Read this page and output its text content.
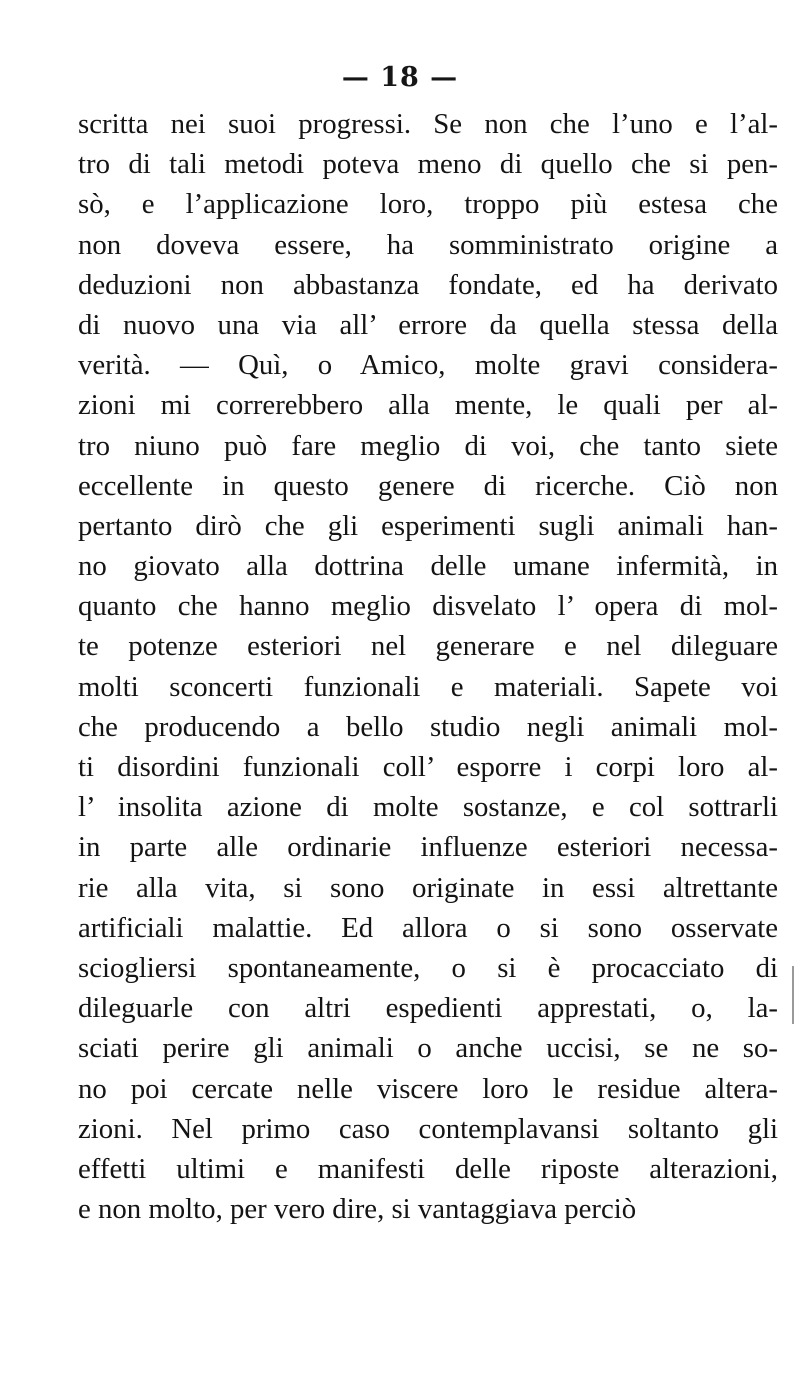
— 18 —
scritta nei suoi progressi. Se non che l’uno e l’al-
tro di tali metodi poteva meno di quello che si pen-
sò, e l’applicazione loro, troppo più estesa che
non doveva essere, ha somministrato origine a
deduzioni non abbastanza fondate, ed ha derivato
di nuovo una via all’ errore da quella stessa della
verità. — Quì, o Amico, molte gravi considera-
zioni mi correrebbero alla mente, le quali per al-
tro niuno può fare meglio di voi, che tanto siete
eccellente in questo genere di ricerche. Ciò non
pertanto dirò che gli esperimenti sugli animali han-
no giovato alla dottrina delle umane infermità, in
quanto che hanno meglio disvelato l’ opera di mol-
te potenze esteriori nel generare e nel dileguare
molti sconcerti funzionali e materiali. Sapete voi
che producendo a bello studio negli animali mol-
ti disordini funzionali coll’ esporre i corpi loro al-
l’ insolita azione di molte sostanze, e col sottrarli
in parte alle ordinarie influenze esteriori necessa-
rie alla vita, si sono originate in essi altrettante
artificiali malattie. Ed allora o si sono osservate
sciogliersi spontaneamente, o si è procacciato di
dileguarle con altri espedienti apprestati, o, la-
sciati perire gli animali o anche uccisi, se ne so-
no poi cercate nelle viscere loro le residue altera-
zioni. Nel primo caso contemplavansi soltanto gli
effetti ultimi e manifesti delle riposte alterazioni,
e non molto, per vero dire, si vantaggiava perciò
